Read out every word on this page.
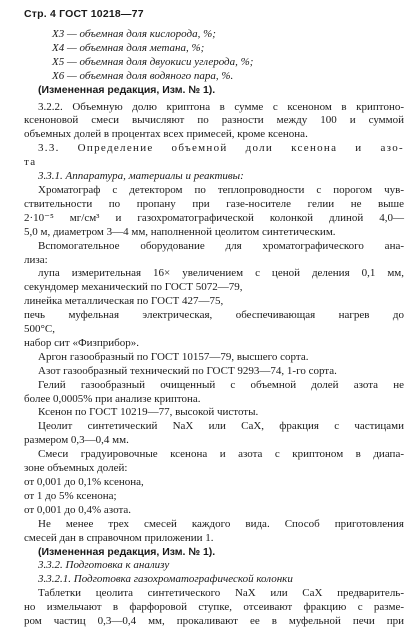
Стр. 4 ГОСТ 10218—77
X3 — объемная доля кислорода, %;
X4 — объемная доля метана, %;
X5 — объемная доля двуокиси углерода, %;
X6 — объемная доля водяного пара, %.
(Измененная редакция, Изм. № 1).
3.2.2. Объемную долю криптона в сумме с ксеноном в криптоно-
ксеноновой смеси вычисляют по разности между 100 и суммой
объемных долей в процентах всех примесей, кроме ксенона.
3.3. Определение объемной доли ксенона и азо-
та
3.3.1. Аппаратура, материалы и реактивы:
Хроматограф с детектором по теплопроводности с порогом чув-
ствительности по пропану при газе-носителе гелии не выше
2·10⁻⁵ мг/см³ и газохроматографической колонкой длиной 4,0—
5,0 м, диаметром 3—4 мм, наполненной цеолитом синтетическим.
Вспомогательное оборудование для хроматографического ана-
лиза:
лупа измерительная 16× увеличением с ценой деления 0,1 мм,
секундомер механический по ГОСТ 5072—79,
линейка металлическая по ГОСТ 427—75,
печь муфельная электрическая, обеспечивающая нагрев до
500°С,
набор сит «Физприбор».
Аргон газообразный по ГОСТ 10157—79, высшего сорта.
Азот газообразный технический по ГОСТ 9293—74, 1-го сорта.
Гелий газообразный очищенный с объемной долей азота не
более 0,0005% при анализе криптона.
Ксенон по ГОСТ 10219—77, высокой чистоты.
Цеолит синтетический NaX или CaX, фракция с частицами
размером 0,3—0,4 мм.
Смеси градуировочные ксенона и азота с криптоном в диапа-
зоне объемных долей:
от 0,001 до 0,1% ксенона,
от 1 до 5% ксенона;
от 0,001 до 0,4% азота.
Не менее трех смесей каждого вида. Способ приготовления
смесей дан в справочном приложении 1.
(Измененная редакция, Изм. № 1).
3.3.2. Подготовка к анализу
3.3.2.1. Подготовка газохроматографической колонки
Таблетки цеолита синтетического NaX или CaX предваритель-
но измельчают в фарфоровой ступке, отсеивают фракцию с разме-
ром частиц 0,3—0,4 мм, прокаливают ее в муфельной печи при
